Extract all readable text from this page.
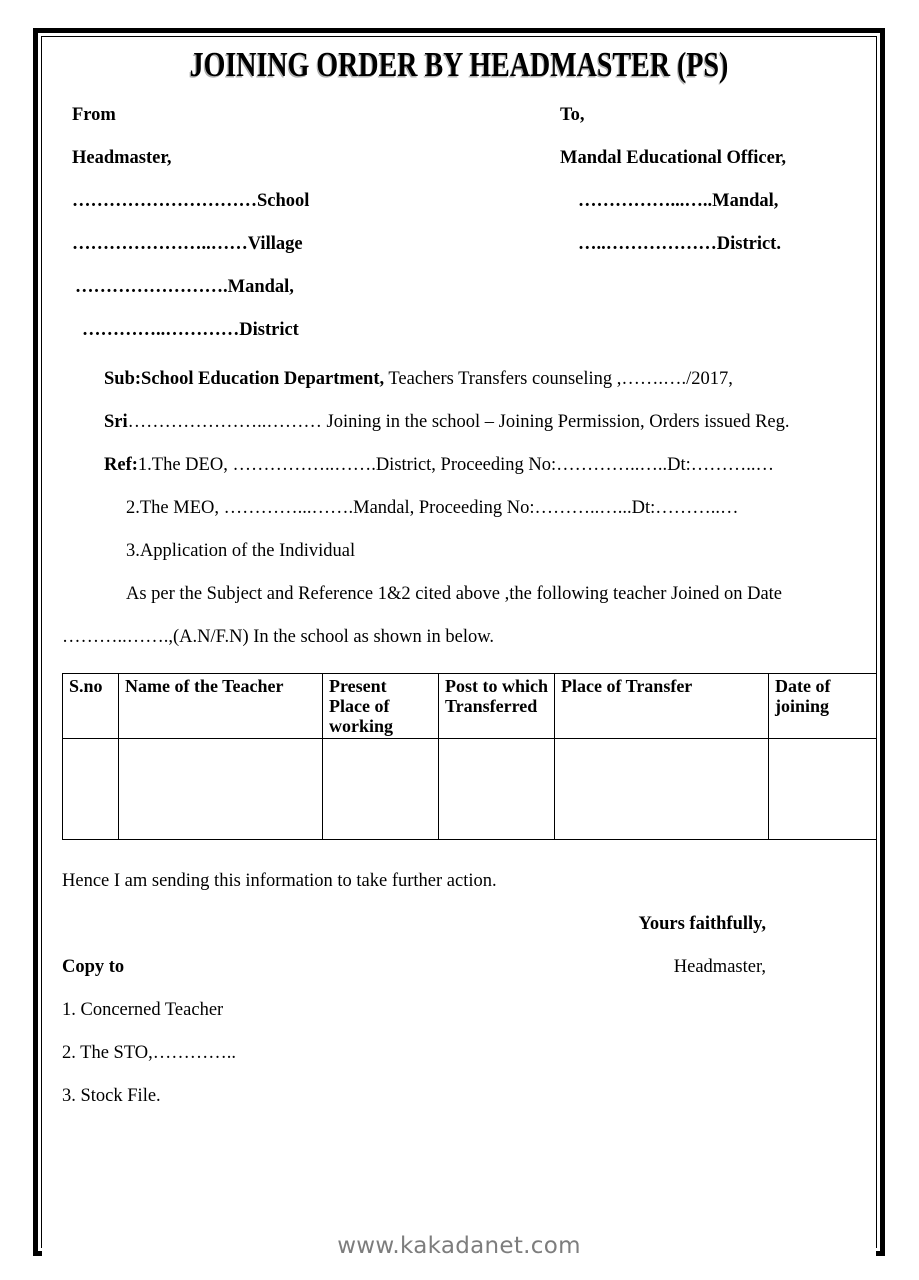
JOINING ORDER BY HEADMASTER (PS)
From
Headmaster,
…………………………School
…………………..……Village
…………………….Mandal,
…………..…………District
To,
Mandal Educational Officer,
……………...…..Mandal,
…..………………District.
Sub:School Education Department, Teachers Transfers counseling ,…….…./2017,
Sri…………………..……… Joining in the school – Joining Permission, Orders issued Reg.
Ref:1.The DEO, ……………..…….District, Proceeding No:…………..…..Dt:………..…
2.The MEO, …………...…….Mandal, Proceeding No:………..…...Dt:………..…
3.Application of the Individual
As per the Subject and Reference 1&2 cited above ,the following teacher Joined on Date
………..…….,(A.N/F.N) In the school as shown in below.
S.no	Name of the Teacher	Present Place of working	Post to which Transferred	Place of Transfer	Date of joining

Hence I am sending this information to take further action.
Yours faithfully,
Copy to	Headmaster,
1. Concerned Teacher
2. The STO,…………..
3. Stock File.
www.kakadanet.com
